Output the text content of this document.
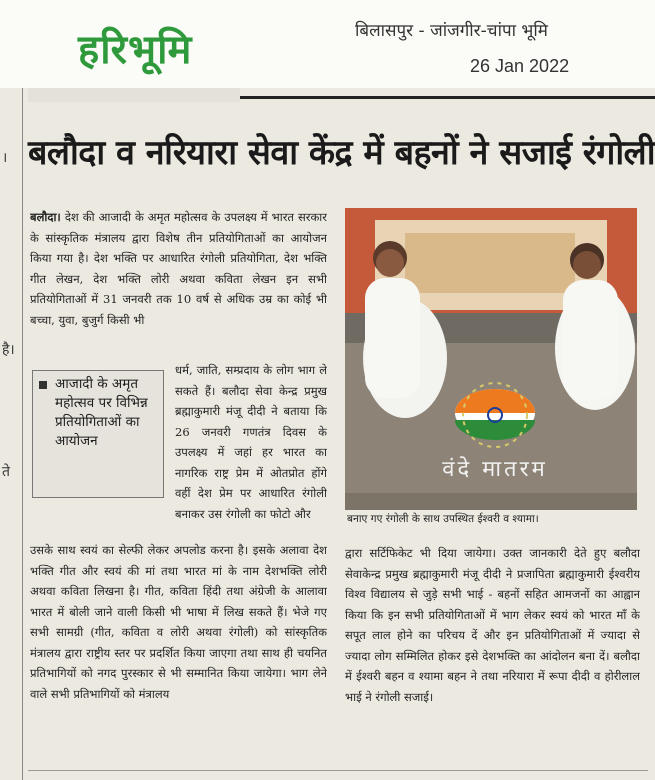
हरिभूमि	बिलासपुर - जांजगीर-चांपा भूमि
26 Jan 2022
बलौदा व नरियारा सेवा केंद्र में बहनों ने सजाई रंगोली
बलौदा। देश की आजादी के अमृत महोत्सव के उपलक्ष्य में भारत सरकार के सांस्कृतिक मंत्रालय द्वारा विशेष तीन प्रतियोगिताओं का आयोजन किया गया है। देश भक्ति पर आधारित रंगोली प्रतियोगिता, देश भक्ति गीत लेखन, देश भक्ति लोरी अथवा कविता लेखन इन सभी प्रतियोगिताओं में 31 जनवरी तक 10 वर्ष से अधिक उम्र का कोई भी बच्चा, युवा, बुजुर्ग किसी भी
आजादी के अमृत महोत्सव पर विभिन्न प्रतियोगिताओं का आयोजन
धर्म, जाति, सम्प्रदाय के लोग भाग ले सकते हैं। बलौदा सेवा केन्द्र प्रमुख ब्रह्माकुमारी मंजू दीदी ने बताया कि 26 जनवरी गणतंत्र दिवस के उपलक्ष्य में जहां हर भारत का नागरिक राष्ट्र प्रेम में ओतप्रोत होंगे वहीं देश प्रेम पर आधारित रंगोली बनाकर उस रंगोली का फोटो और
उसके साथ स्वयं का सेल्फी लेकर अपलोड करना है। इसके अलावा देश भक्ति गीत और स्वयं की मां तथा भारत मां के नाम देशभक्ति लोरी अथवा कविता लिखना है। गीत, कविता हिंदी तथा अंग्रेजी के आलावा भारत में बोली जाने वाली किसी भी भाषा में लिख सकते हैं। भेजे गए सभी सामग्री (गीत, कविता व लोरी अथवा रंगोली) को सांस्कृतिक मंत्रालय द्वारा राष्ट्रीय स्तर पर प्रदर्शित किया जाएगा तथा साथ ही चयनित प्रतिभागियों को नगद पुरस्कार से भी सम्मानित किया जायेगा। भाग लेने वाले सभी प्रतिभागियों को मंत्रालय
वंदे मातरम
बनाए गए रंगोली के साथ उपस्थित ईश्वरी व श्यामा।
द्वारा सर्टिफिकेट भी दिया जायेगा। उक्त जानकारी देते हुए बलौदा सेवाकेन्द्र प्रमुख ब्रह्माकुमारी मंजू दीदी ने प्रजापिता ब्रह्माकुमारी ईश्वरीय विश्व विद्यालय से जुड़े सभी भाई - बहनों सहित आमजनों का आह्वान किया कि इन सभी प्रतियोगिताओं में भाग लेकर स्वयं को भारत माँ के सपूत लाल होने का परिचय दें और इन प्रतियोगिताओं में ज्यादा से ज्यादा लोग सम्मिलित होकर इसे देशभक्ति का आंदोलन बना दें। बलौदा में ईश्वरी बहन व श्यामा बहन ने तथा नरियारा में रूपा दीदी व होरीलाल भाई ने रंगोली सजाई।
।
है।
ते
